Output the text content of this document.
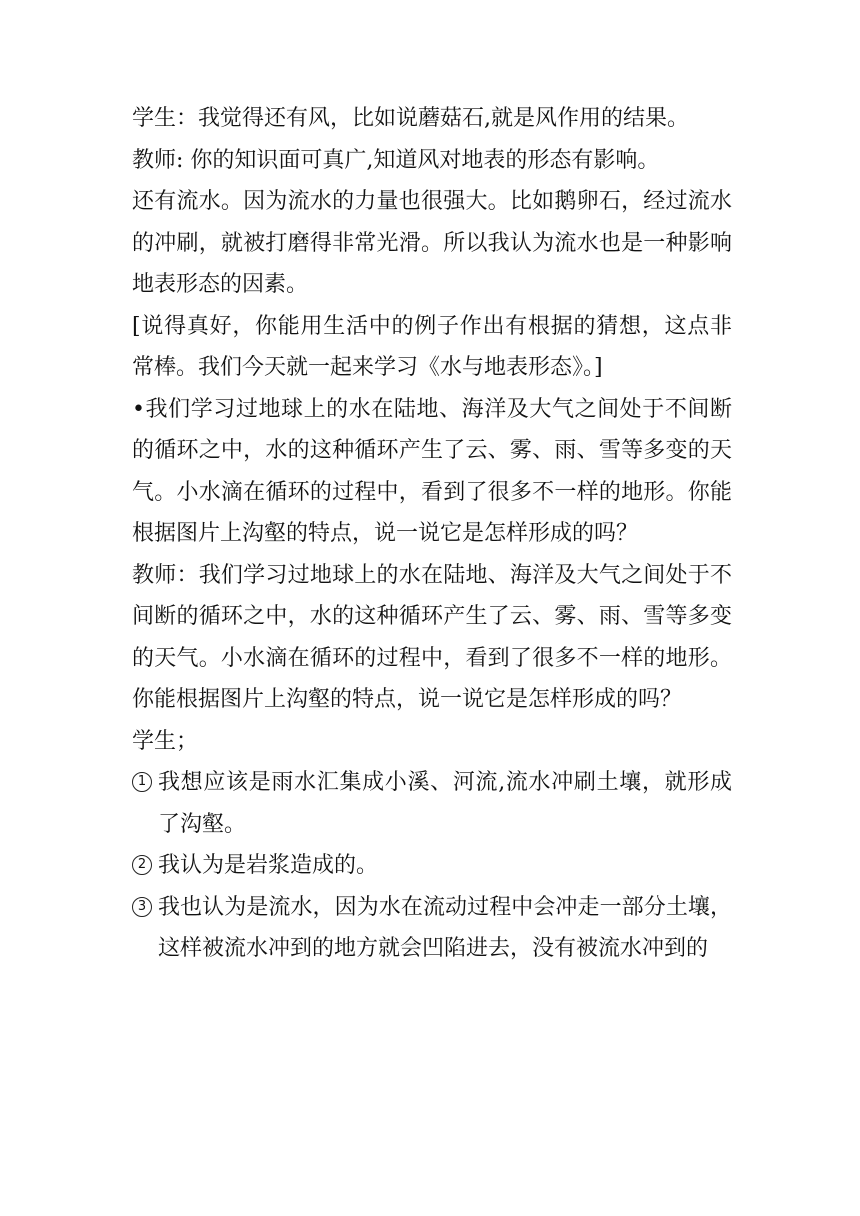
学生：我觉得还有风，比如说蘑菇石,就是风作用的结果。

教师: 你的知识面可真广,知道风对地表的形态有影响。

还有流水。因为流水的力量也很强大。比如鹅卵石，经过流水的冲刷，就被打磨得非常光滑。所以我认为流水也是一种影响地表形态的因素。

[说得真好，你能用生活中的例子作出有根据的猜想，这点非常棒。我们今天就一起来学习《水与地表形态》。]

•我们学习过地球上的水在陆地、海洋及大气之间处于不间断的循环之中，水的这种循环产生了云、雾、雨、雪等多变的天气。小水滴在循环的过程中，看到了很多不一样的地形。你能根据图片上沟壑的特点，说一说它是怎样形成的吗？

教师：我们学习过地球上的水在陆地、海洋及大气之间处于不间断的循环之中，水的这种循环产生了云、雾、雨、雪等多变的天气。小水滴在循环的过程中，看到了很多不一样的地形。你能根据图片上沟壑的特点，说一说它是怎样形成的吗？

学生；

1 我想应该是雨水汇集成小溪、河流,流水冲刷土壤，就形成了沟壑。
2 我认为是岩浆造成的。
3 我也认为是流水，因为水在流动过程中会冲走一部分土壤，这样被流水冲到的地方就会凹陷进去，没有被流水冲到的
